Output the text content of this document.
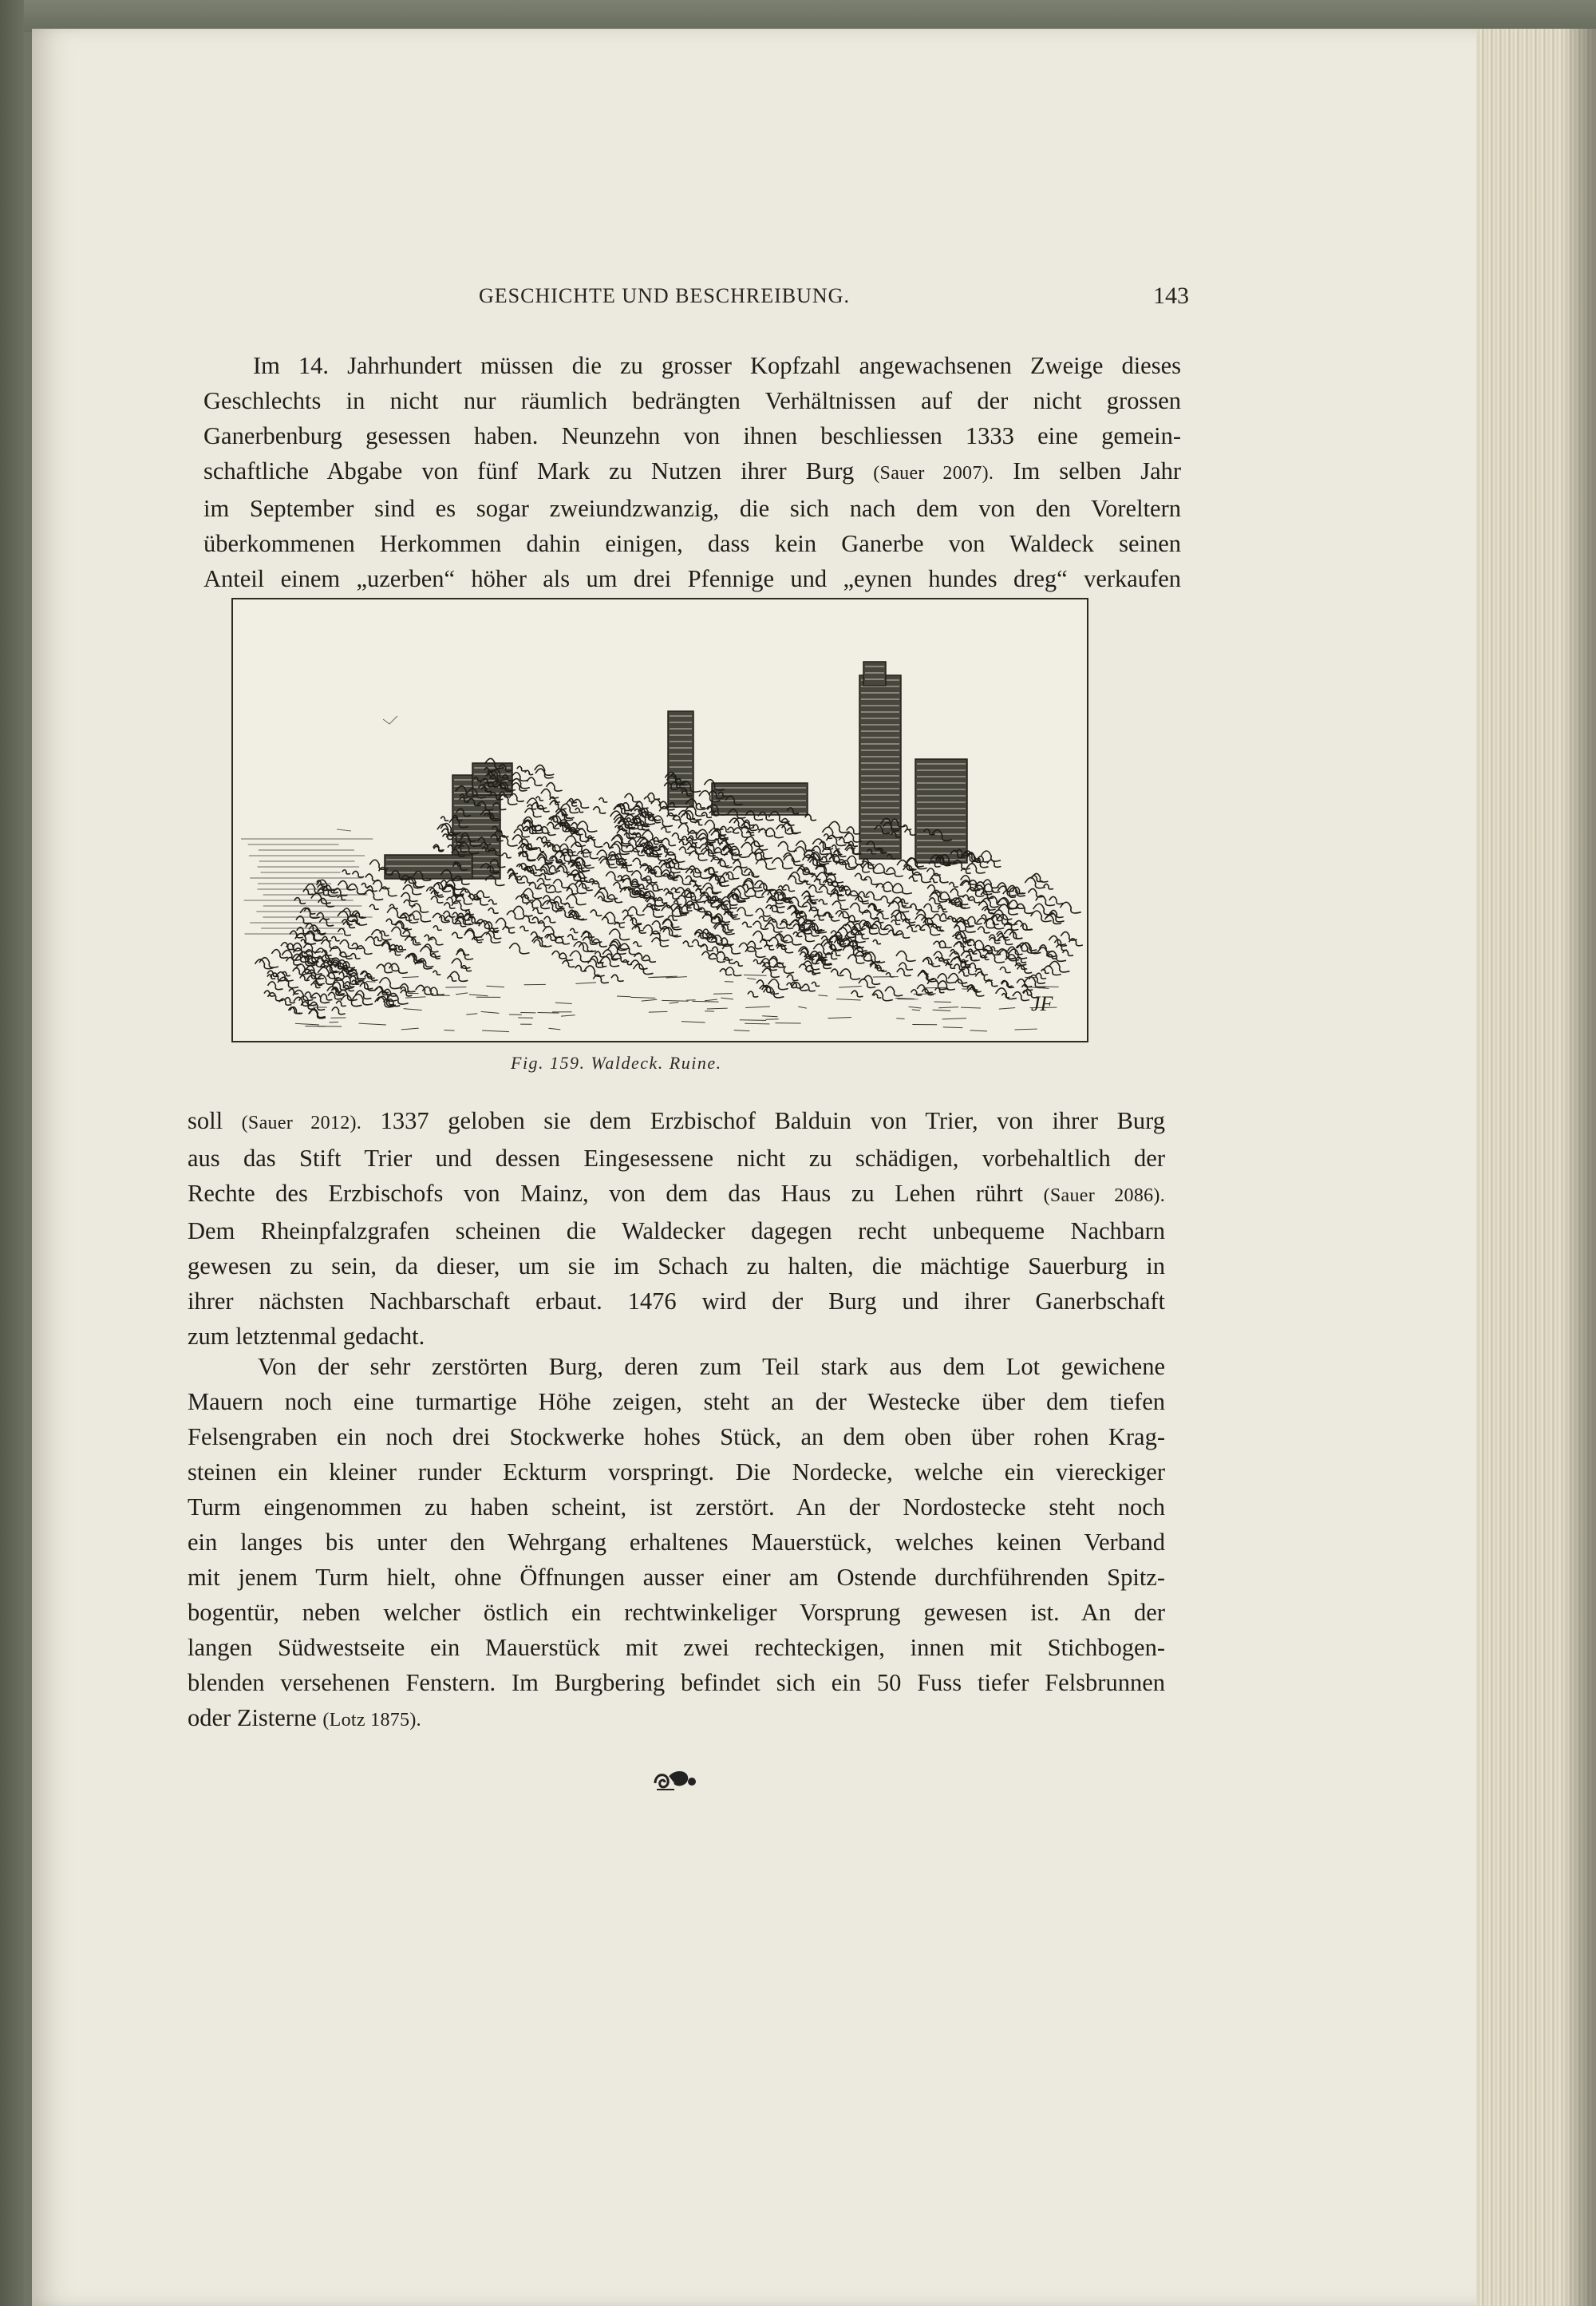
GESCHICHTE UND BESCHREIBUNG.	143

Im 14. Jahrhundert müssen die zu grosser Kopfzahl angewachsenen Zweige dieses
Geschlechts in nicht nur räumlich bedrängten Verhältnissen auf der nicht grossen
Ganerbenburg gesessen haben. Neunzehn von ihnen beschliessen 1333 eine gemein-
schaftliche Abgabe von fünf Mark zu Nutzen ihrer Burg (Sauer 2007). Im selben Jahr
im September sind es sogar zweiundzwanzig, die sich nach dem von den Voreltern
überkommenen Herkommen dahin einigen, dass kein Ganerbe von Waldeck seinen
Anteil einem „uzerben“ höher als um drei Pfennige und „eynen hundes dreg“ verkaufen

JF
Fig. 159. Waldeck. Ruine.

soll (Sauer 2012). 1337 geloben sie dem Erzbischof Balduin von Trier, von ihrer Burg
aus das Stift Trier und dessen Eingesessene nicht zu schädigen, vorbehaltlich der
Rechte des Erzbischofs von Mainz, von dem das Haus zu Lehen rührt (Sauer 2086).
Dem Rheinpfalzgrafen scheinen die Waldecker dagegen recht unbequeme Nachbarn
gewesen zu sein, da dieser, um sie im Schach zu halten, die mächtige Sauerburg in
ihrer nächsten Nachbarschaft erbaut. 1476 wird der Burg und ihrer Ganerbschaft
zum letztenmal gedacht.

Von der sehr zerstörten Burg, deren zum Teil stark aus dem Lot gewichene
Mauern noch eine turmartige Höhe zeigen, steht an der Westecke über dem tiefen
Felsengraben ein noch drei Stockwerke hohes Stück, an dem oben über rohen Krag-
steinen ein kleiner runder Eckturm vorspringt. Die Nordecke, welche ein viereckiger
Turm eingenommen zu haben scheint, ist zerstört. An der Nordostecke steht noch
ein langes bis unter den Wehrgang erhaltenes Mauerstück, welches keinen Verband
mit jenem Turm hielt, ohne Öffnungen ausser einer am Ostende durchführenden Spitz-
bogentür, neben welcher östlich ein rechtwinkeliger Vorsprung gewesen ist. An der
langen Südwestseite ein Mauerstück mit zwei rechteckigen, innen mit Stichbogen-
blenden versehenen Fenstern. Im Burgbering befindet sich ein 50 Fuss tiefer Felsbrunnen
oder Zisterne (Lotz 1875).
